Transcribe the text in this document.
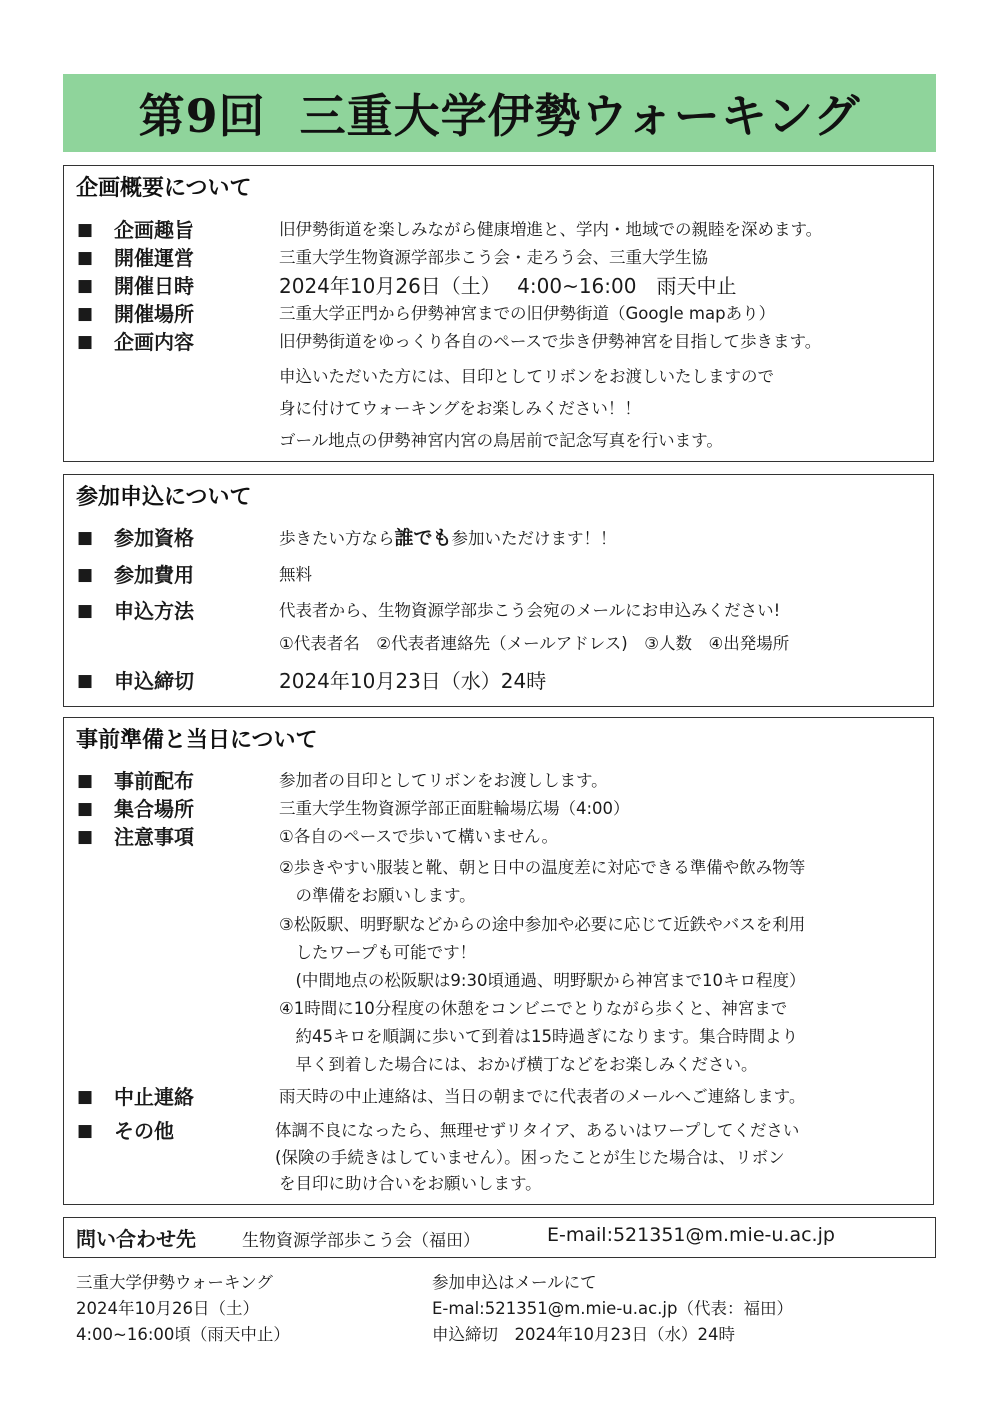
第9回 三重大学伊勢ウォーキング
企画概要について
■ 企画趣旨	旧伊勢街道を楽しみながら健康増進と、学内・地域での親睦を深めます。
■ 開催運営	三重大学生物資源学部歩こう会・走ろう会、三重大学生協
■ 開催日時	2024年10月26日（土）　 4:00~16:00　雨天中止
■ 開催場所	三重大学正門から伊勢神宮までの旧伊勢街道（Google mapあり）
■ 企画内容	旧伊勢街道をゆっくり各自のペースで歩き伊勢神宮を目指して歩きます。
申込いただいた方には、目印としてリボンをお渡しいたしますので
身に付けてウォーキングをお楽しみください！！
ゴール地点の伊勢神宮内宮の鳥居前で記念写真を行います。
参加申込について
■ 参加資格	歩きたい方なら誰でも参加いただけます！！
■ 参加費用	無料
■ 申込方法	代表者から、生物資源学部歩こう会宛のメールにお申込みください!
①代表者名　②代表者連絡先（メールアドレス)　③人数　④出発場所
■ 申込締切	2024年10月23日（水）24時
事前準備と当日について
■ 事前配布	参加者の目印としてリボンをお渡しします。
■ 集合場所	三重大学生物資源学部正面駐輪場広場（4:00）
■ 注意事項	①各自のペースで歩いて構いません。
②歩きやすい服装と靴、朝と日中の温度差に対応できる準備や飲み物等
　の準備をお願いします。
③松阪駅、明野駅などからの途中参加や必要に応じて近鉄やバスを利用
　したワープも可能です！
　(中間地点の松阪駅は9:30頃通過、明野駅から神宮まで10キロ程度）
④1時間に10分程度の休憩をコンビニでとりながら歩くと、神宮まで
　約45キロを順調に歩いて到着は15時過ぎになります。集合時間より
　早く到着した場合には、おかげ横丁などをお楽しみください。
■ 中止連絡	雨天時の中止連絡は、当日の朝までに代表者のメールへご連絡します。
■ その他	体調不良になったら、無理せずリタイア、あるいはワープしてください
(保険の手続きはしていません）。困ったことが生じた場合は、リボン
を目印に助け合いをお願いします。
問い合わせ先	生物資源学部歩こう会（福田）	E-mail:521351@m.mie-u.ac.jp
三重大学伊勢ウォーキング
2024年10月26日（土）
4:00~16:00頃（雨天中止）
参加申込はメールにて
E-mal:521351@m.mie-u.ac.jp（代表：福田）
申込締切　2024年10月23日（水）24時
